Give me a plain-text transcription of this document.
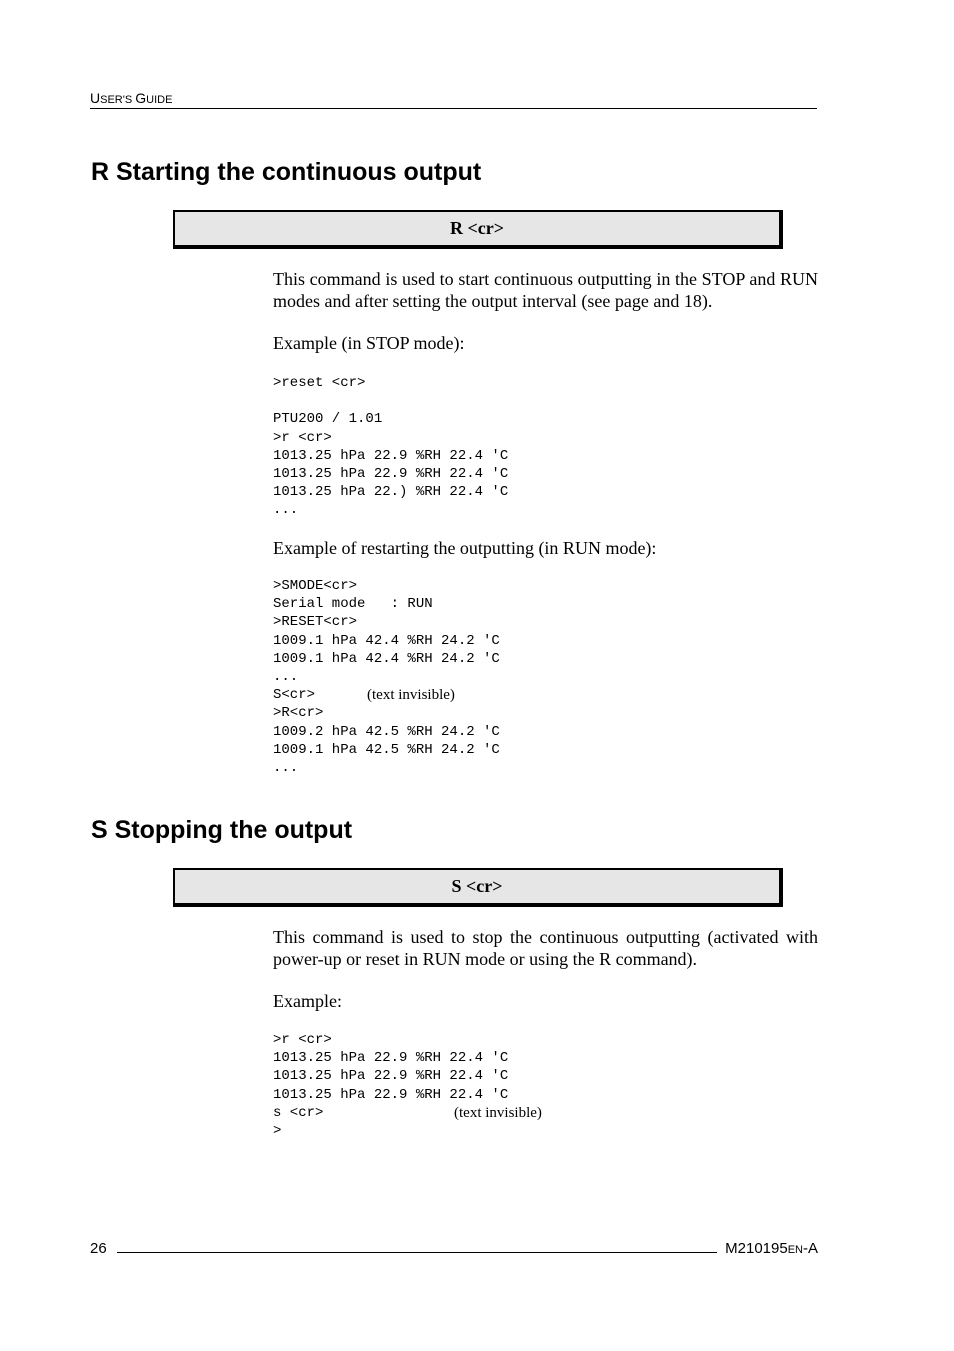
USER'S GUIDE
R Starting the continuous output
R <cr>

This command is used to start continuous outputting in the STOP and RUN modes and after setting the output interval (see page and 18).

Example (in STOP mode):

>reset <cr>
PTU200 / 1.01
>r <cr>
1013.25 hPa 22.9 %RH 22.4 'C
1013.25 hPa 22.9 %RH 22.4 'C
1013.25 hPa 22.) %RH 22.4 'C
...

Example of restarting the outputting (in RUN mode):

>SMODE<cr>
Serial mode   : RUN
>RESET<cr>
1009.1 hPa 42.4 %RH 24.2 'C
1009.1 hPa 42.4 %RH 24.2 'C
...
S<cr>	(text invisible)
>R<cr>
1009.2 hPa 42.5 %RH 24.2 'C
1009.1 hPa 42.5 %RH 24.2 'C
...
S Stopping the output
S <cr>

This command is used to stop the continuous outputting (activated with power-up or reset in RUN mode or using the R command).

Example:

>r <cr>
1013.25 hPa 22.9 %RH 22.4 'C
1013.25 hPa 22.9 %RH 22.4 'C
1013.25 hPa 22.9 %RH 22.4 'C
s <cr>	(text invisible)
>
26	M210195EN-A
